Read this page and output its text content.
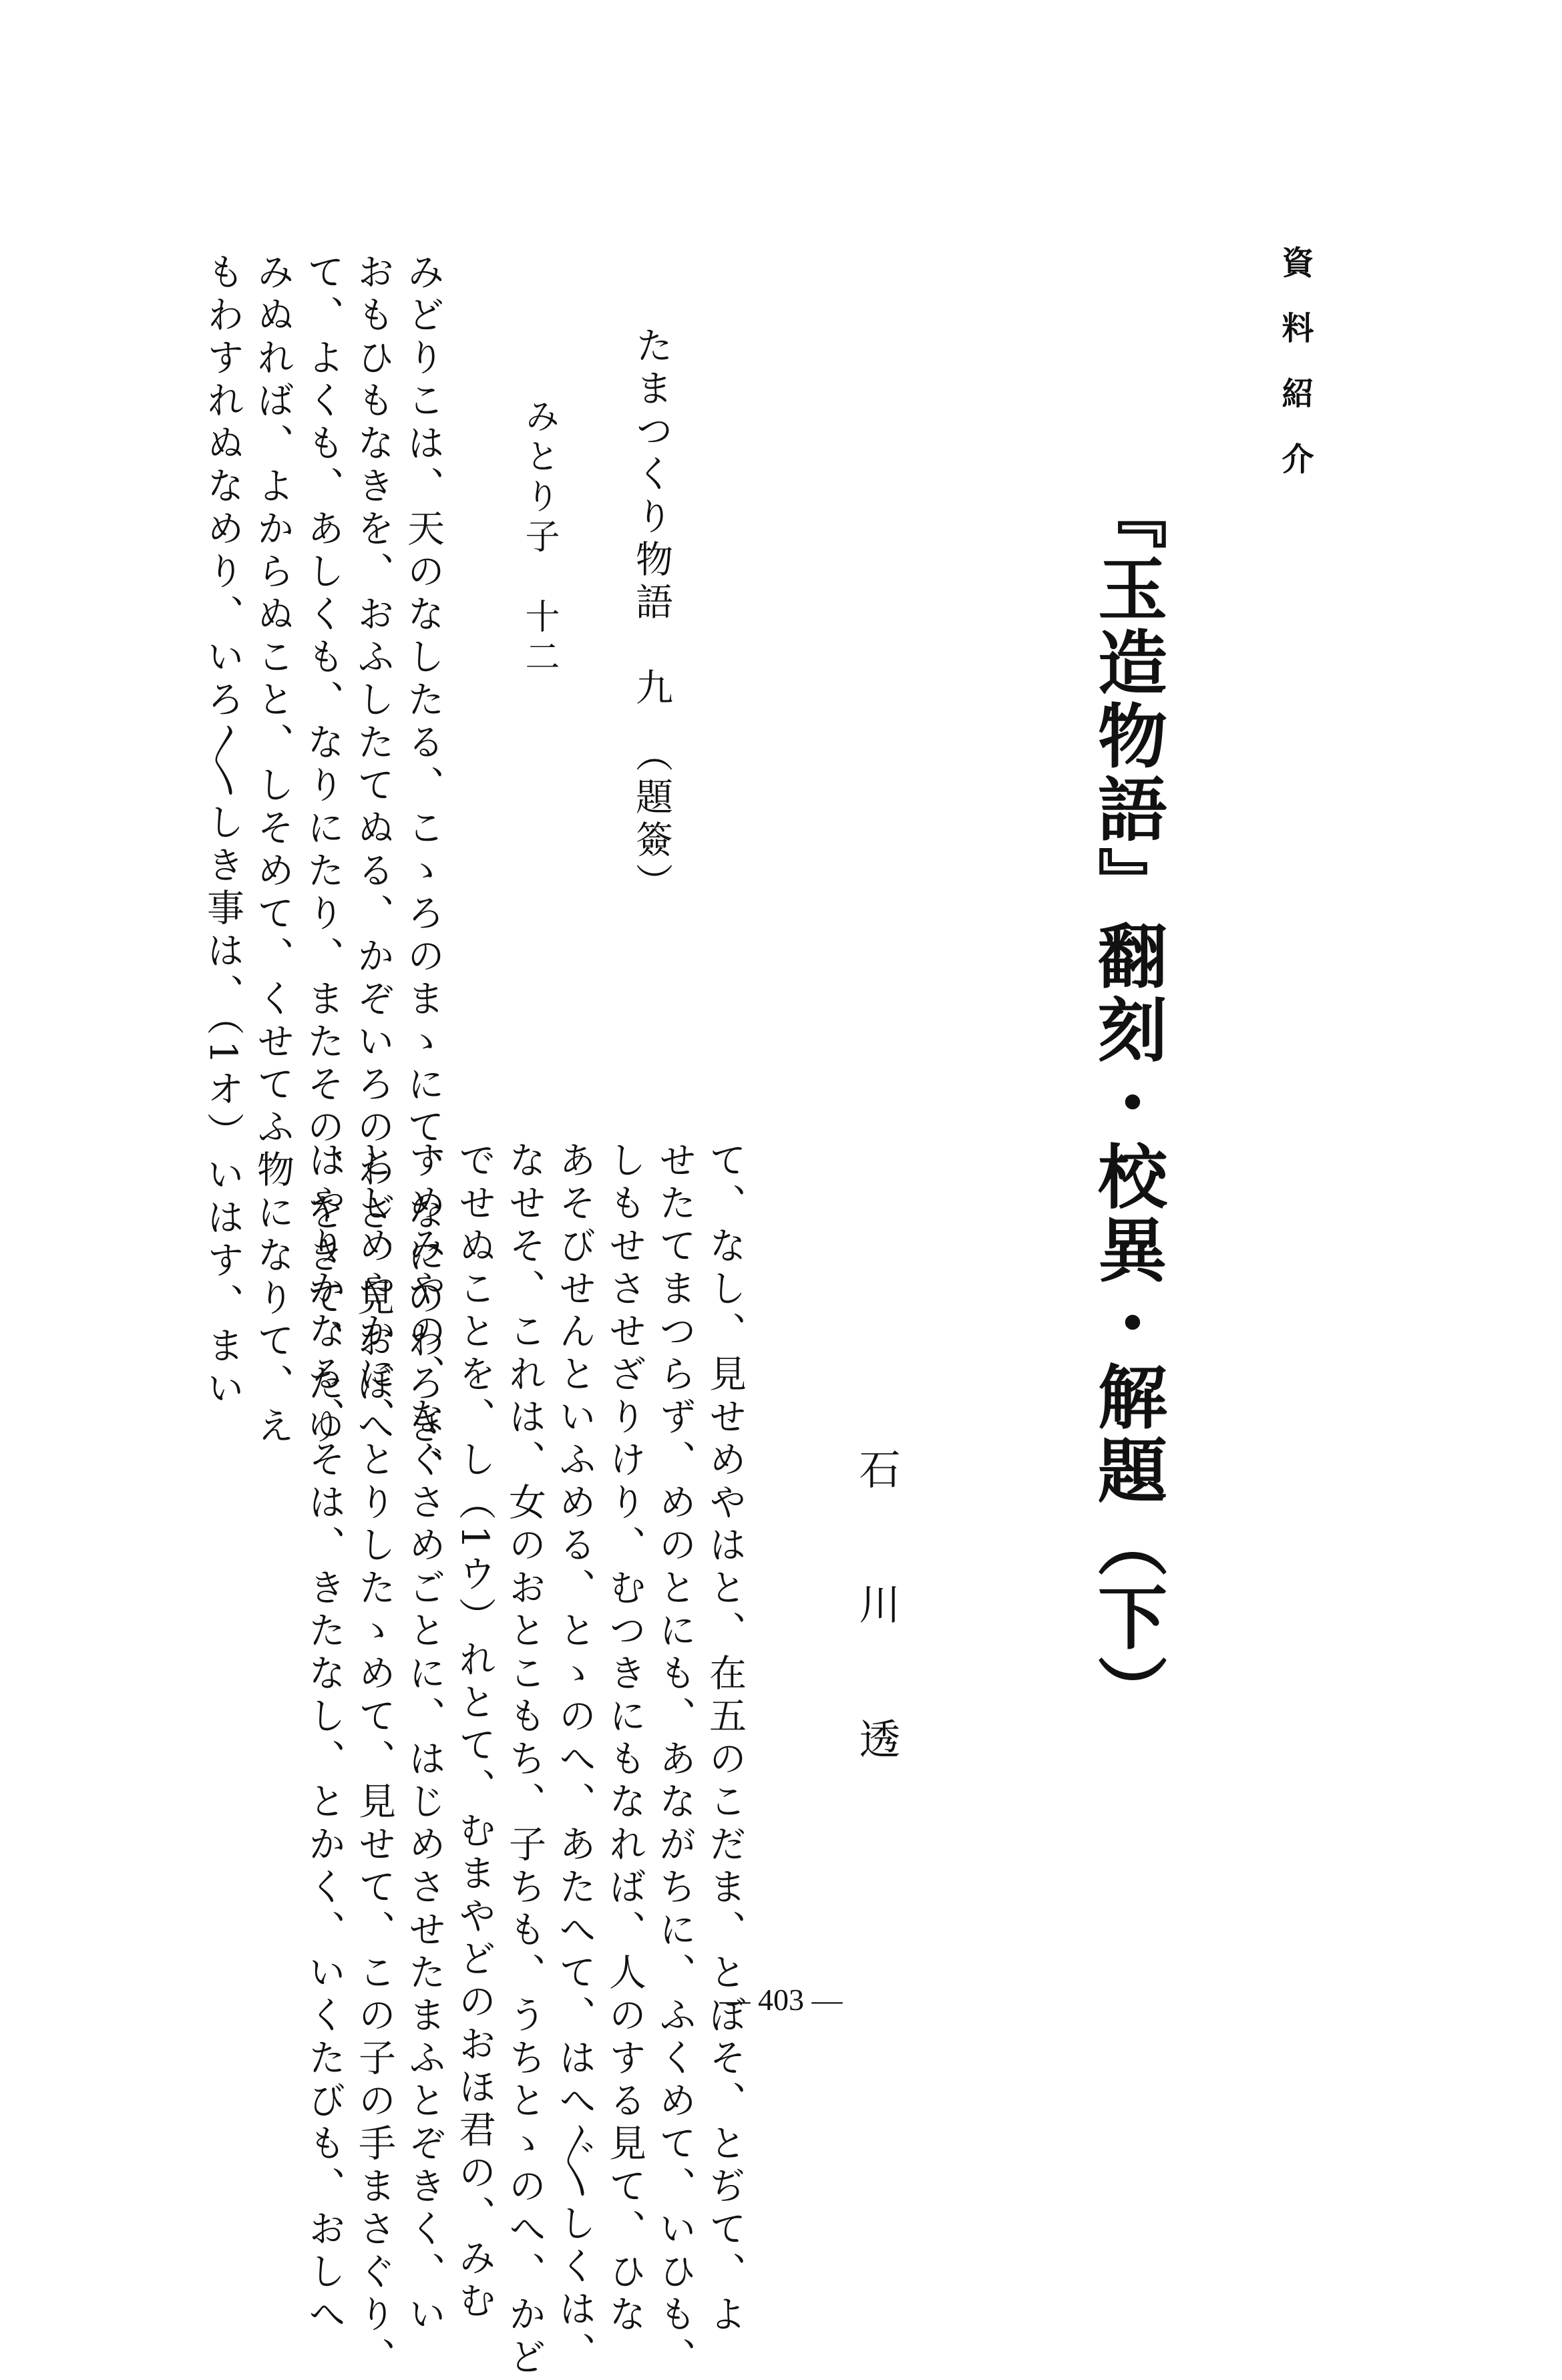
資料紹介
『玉造物語』翻刻・校異・解題（下）
石川透
たまつくり物語　九　（題簽）
みとり子　十二
みどりこは、天のなしたる、こゝろのまゝにて、なにのわろき、
おもひもなきを、おふしたてぬる、かぞいろのわざ、見おぼへ
て、よくも、あしくも、なりにたり、またその、をきて、たゆ
みぬれば、よからぬこと、しそめて、くせてふ物になりて、え
もわすれぬなめり、いろ〳〵しき事は、（1オ）いはす、まい
て、なし、見せめやはと、在五のこだま、とぼそ、とぢて、よ
せたてまつらず、めのとにも、あながちに、ふくめて、いひも、
しもせさせざりけり、むつきにもなれば、人のする見て、ひな
あそびせんといふめる、とゝのへ、あたへて、はへ〴〵しくは、
なせそ、これは、女のおとこもち、子ちも、うちとゝのへ、かど
でせぬことを、し（1ウ）れとて、むまやどのおほ君の、みむ
すめみやの、なぐさめごとに、はじめさせたまふとぞきく、い
としめやかに、とりしたゝめて、見せて、この子の手まさぐり、
はやりかなる、そは、きたなし、とかく、いくたびも、おしへ	— 403 —
